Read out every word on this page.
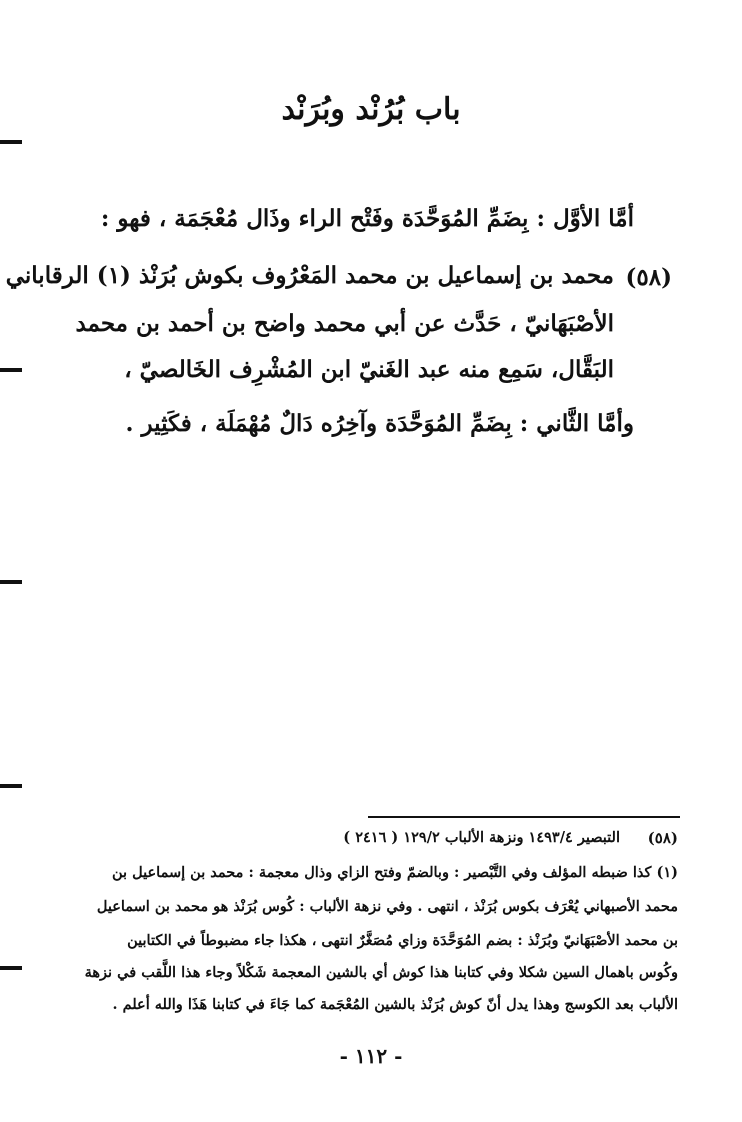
باب بُرُنْد وبُرَنْد
أمَّا الأوَّل : بِضَمِّ المُوَحَّدَة وفَتْح الراء وذَال مُعْجَمَة ، فهو :
(٥٨)
محمد بن إسماعيل بن محمد المَعْرُوف بكوش بُرَنْذ (١) الرقاباني
الأصْبَهَانيّ ، حَدَّث عن أبي محمد واضح بن أحمد بن محمد
البَقَّال، سَمِع منه عبد الغَنيّ ابن المُشْرِف الخَالصيّ ،
وأمَّا الثَّاني : بِضَمِّ المُوَحَّدَة وآخِرُه دَالٌ مُهْمَلَة ، فكَثِير .
(٥٨)
التبصير ١٤٩٣/٤ ونزهة الألباب ١٢٩/٢ ( ٢٤١٦ )
(١) كذا ضبطه المؤلف وفي التَّبْصير : وبالضمّ وفتح الزاي وذال معجمة : محمد بن إسماعيل بن
محمد الأصبهاني يُعْرَف بكوس بُرَنْذ ، انتهى . وفي نزهة الألباب : كُوس بُرَنْذ هو محمد بن اسماعيل
بن محمد الأصْبَهَانيّ وبُرَنْذ : بضم المُوَحَّدَة وزاي مُصَغَّرٌ انتهى ، هكذا جاء مضبوطاً في الكتابين
وكُوس باهمال السين شكلا وفي كتابنا هذا كوش أي بالشين المعجمة شَكْلاً وجاء هذا اللَّقب في نزهة
الألباب بعد الكوسج وهذا يدل أنّ كوش بُرَنْذ بالشين المُعْجَمة كما جَاءَ في كتابنا هَذَا والله أعلم .
- ١١٢ -
